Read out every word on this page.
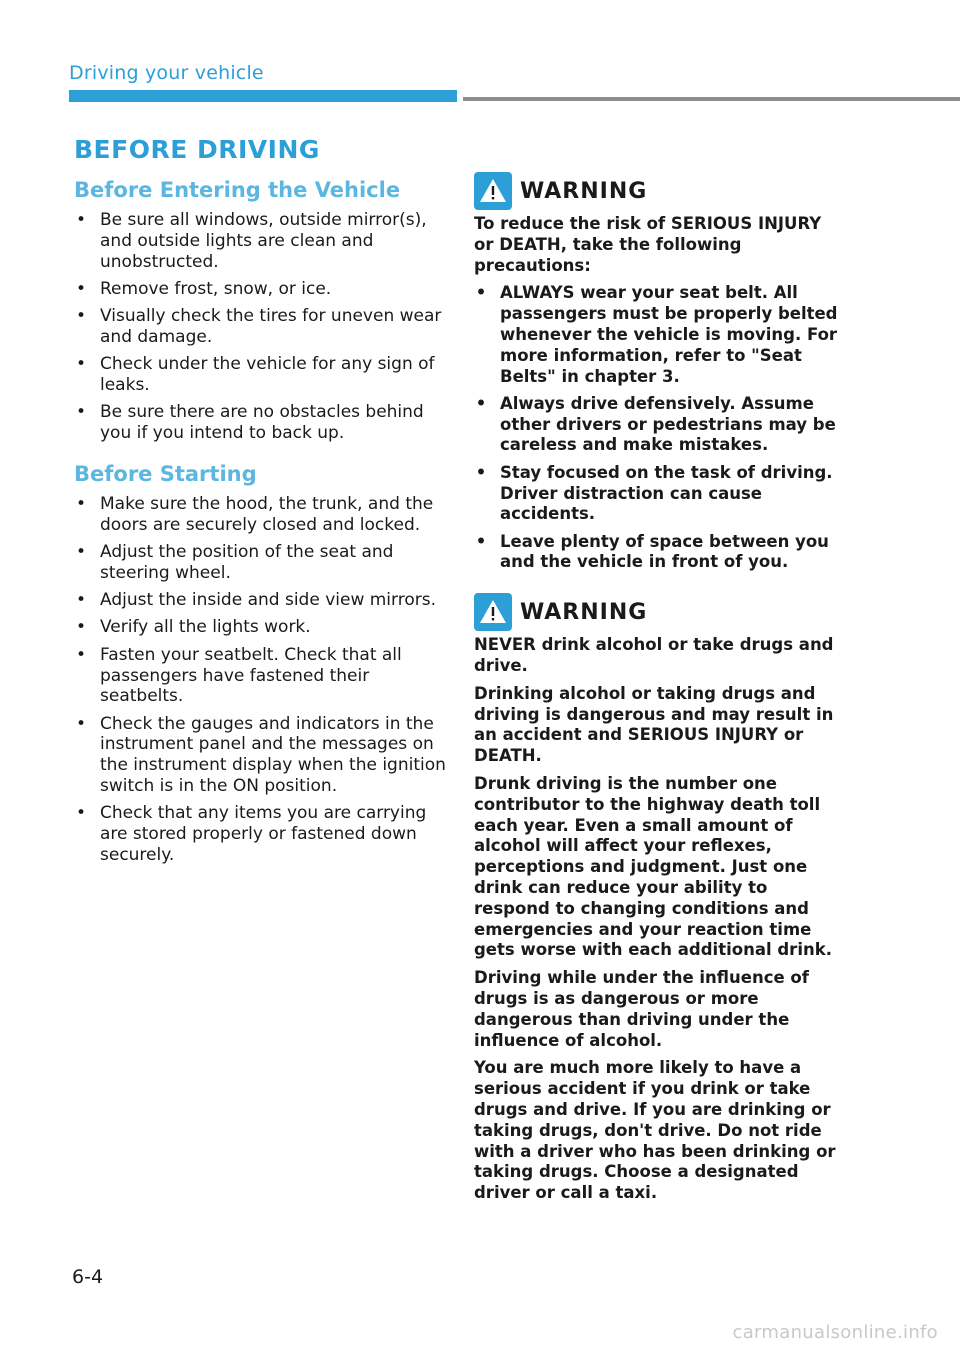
Driving your vehicle
BEFORE DRIVING
Before Entering the Vehicle
• Be sure all windows, outside mirror(s), and outside lights are clean and unobstructed.
• Remove frost, snow, or ice.
• Visually check the tires for uneven wear and damage.
• Check under the vehicle for any sign of leaks.
• Be sure there are no obstacles behind you if you intend to back up.
Before Starting
• Make sure the hood, the trunk, and the doors are securely closed and locked.
• Adjust the position of the seat and steering wheel.
• Adjust the inside and side view mirrors.
• Verify all the lights work.
• Fasten your seatbelt. Check that all passengers have fastened their seatbelts.
• Check the gauges and indicators in the instrument panel and the messages on the instrument display when the ignition switch is in the ON position.
• Check that any items you are carrying are stored properly or fastened down securely.
WARNING

To reduce the risk of SERIOUS INJURY or DEATH, take the following precautions:

• ALWAYS wear your seat belt. All passengers must be properly belted whenever the vehicle is moving. For more information, refer to "Seat Belts" in chapter 3.
• Always drive defensively. Assume other drivers or pedestrians may be careless and make mistakes.
• Stay focused on the task of driving. Driver distraction can cause accidents.
• Leave plenty of space between you and the vehicle in front of you.
WARNING

NEVER drink alcohol or take drugs and drive.

Drinking alcohol or taking drugs and driving is dangerous and may result in an accident and SERIOUS INJURY or DEATH.

Drunk driving is the number one contributor to the highway death toll each year. Even a small amount of alcohol will affect your reflexes, perceptions and judgment. Just one drink can reduce your ability to respond to changing conditions and emergencies and your reaction time gets worse with each additional drink.

Driving while under the influence of drugs is as dangerous or more dangerous than driving under the influence of alcohol.

You are much more likely to have a serious accident if you drink or take drugs and drive. If you are drinking or taking drugs, don't drive. Do not ride with a driver who has been drinking or taking drugs. Choose a designated driver or call a taxi.

6-4
carmanualsonline.info
